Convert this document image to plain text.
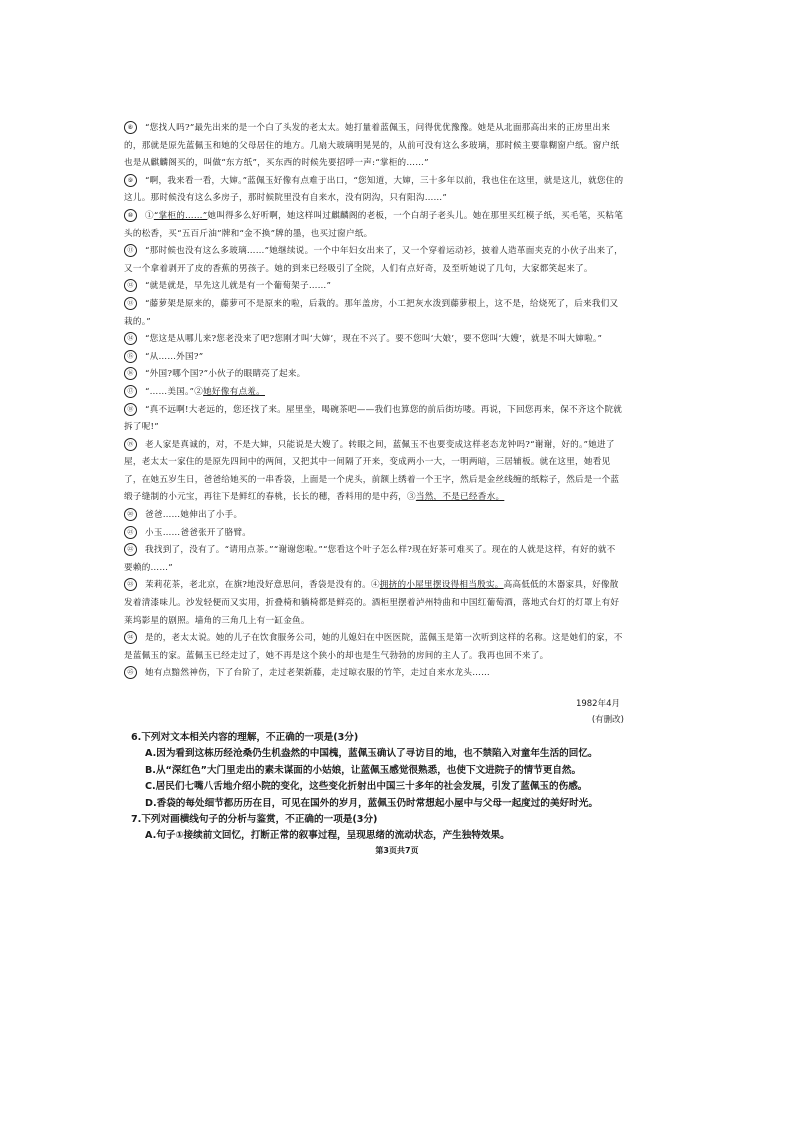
⑧ “您找人吗?”最先出来的是一个白了头发的老太太。她打量着蓝佩玉，问得优优豫豫。她是从北面那高出来的正房里出来的，那就是原先蓝佩玉和她的父母居住的地方。几扇大玻璃明晃晃的，从前可没有这么多玻璃，那时候主要靠糊窗户纸。窗户纸也是从麒麟阁买的，叫做“东方纸”，买东西的时候先要招呼一声:“掌柜的……”

⑨ “啊，我来看一看，大婶。”蓝佩玉好像有点难于出口，“您知道，大婶，三十多年以前，我也住在这里，就是这儿，就您住的这儿。那时候没有这么多房子，那时候院里没有自来水，没有阴沟，只有阳沟……”

⑩ ①“掌柜的……”她叫得多么好听啊，她这样叫过麒麟阁的老板，一个白胡子老头儿。她在那里买红模子纸，买毛笔，买粘笔头的松香，买“五百斤油”牌和“金不换”牌的墨，也买过窗户纸。

⑪ “那时候也没有这么多玻璃……”她继续说。一个中年妇女出来了，又一个穿着运动衫，披着人造革面夹克的小伙子出来了，又一个拿着剥开了皮的香蕉的男孩子。她的到来已经吸引了全院，人们有点好奇，及至听她说了几句，大家都笑起来了。

⑫ “就是就是，早先这儿就是有一个葡萄架子……”

⑬ “藤萝架是原来的，藤萝可不是原来的啦，后栽的。那年盖房，小工把灰水泼到藤萝根上，这不是，给烧死了，后来我们又栽的。”

⑭ “您这是从哪儿来?您老没来了吧?您刚才叫‘大婶’，现在不兴了。要不您叫‘大娘’，要不您叫‘大嫂’，就是不叫大婶啦。”

⑮ “从……外国?”

⑯ “外国?哪个国?”小伙子的眼睛亮了起来。

⑰ “……美国。”②她好像有点羞。

⑱ “真不远啊!大老远的，您还找了来。屋里坐，喝碗茶吧——我们也算您的前后街坊喽。再说，下回您再来，保不齐这个院就拆了呢!”

⑲ 老人家是真诚的，对，不是大婶，只能说是大嫂了。转眼之间，蓝佩玉不也要变成这样老态龙钟吗?“谢谢，好的。”她进了屋，老太太一家住的是原先四间中的两间，又把其中一间隔了开来，变成两小一大，一明两暗，三居辅板。就在这里，她看见了，在她五岁生日，爸爸给她买的一串香袋，上面是一个虎头，前额上绣着一个王字，然后是金丝线缠的纸粽子，然后是一个蓝缎子缝制的小元宝，再往下是鲜红的春桃，长长的穗，香料用的是中药，③当然，不是已经香水。

⑳ 爸爸……她伸出了小手。

㉑ 小玉……爸爸张开了胳臂。

㉒ 我找到了，没有了。“请用点茶。”“谢谢您啦。”“您看这个叶子怎么样?现在好茶可难买了。现在的人就是这样，有好的就不要赖的……”

㉓ 茉莉花茶，老北京，在旗?地没好意思问，香袋是没有的。④拥挤的小屋里摆设得相当殷实。高高低低的木器家具，好像散发着清漆味儿。沙发轻便而又实用，折叠椅和躺椅都是鲜亮的。酒柜里摆着泸州特曲和中国红葡萄酒，落地式台灯的灯罩上有好莱坞影星的剧照。墙角的三角几上有一缸金鱼。

㉔ 是的，老太太说。她的儿子在饮食服务公司，她的儿媳妇在中医医院，蓝佩玉是第一次听到这样的名称。这是她们的家，不是蓝佩玉的家。蓝佩玉已经走过了，她不再是这个狭小的却也是生气勃勃的房间的主人了。我再也回不来了。

㉕ 她有点黯然神伤，下了台阶了，走过老架新藤，走过晾衣服的竹竿，走过自来水龙头……

1982年4月
(有删改)

6.下列对文本相关内容的理解，不正确的一项是(3分)

A.因为看到这栋历经沧桑仍生机盎然的中国槐，蓝佩玉确认了寻访目的地，也不禁陷入对童年生活的回忆。

B.从“深红色”大门里走出的素未谋面的小姑娘，让蓝佩玉感觉很熟悉，也使下文进院子的情节更自然。

C.居民们七嘴八舌地介绍小院的变化，这些变化折射出中国三十多年的社会发展，引发了蓝佩玉的伤感。

D.香袋的每处细节都历历在目，可见在国外的岁月，蓝佩玉仍时常想起小屋中与父母一起度过的美好时光。

7.下列对画横线句子的分析与鉴赏，不正确的一项是(3分)

A.句子①接续前文回忆，打断正常的叙事过程，呈现思绪的流动状态，产生独特效果。

第3页共7页
